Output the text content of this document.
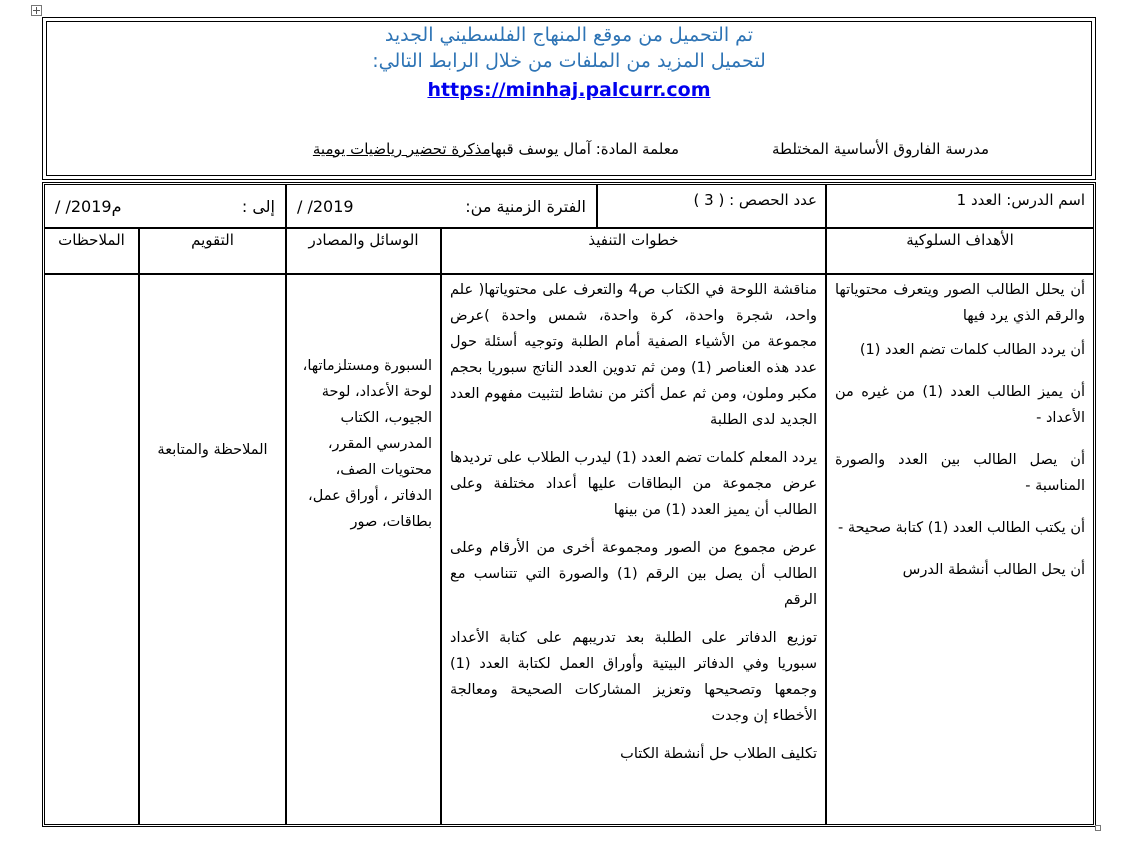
تم التحميل من موقع المنهاج الفلسطيني الجديد
لتحميل المزيد من الملفات من خلال الرابط التالي:
https://minhaj.palcurr.com
مدرسة الفاروق الأساسية المختلطة
معلمة المادة: آمال يوسف قبهامذكرة تحضير رياضيات يومية
اسم الدرس: العدد 1
عدد الحصص : ( 3 )
الفترة الزمنية من:
/ /2019
إلى :
/ /2019م
الأهداف السلوكية
خطوات التنفيذ
الوسائل والمصادر
التقويم
الملاحظات
أن يحلل الطالب الصور ويتعرف محتوياتها والرقم الذي يرد فيها
أن يردد الطالب كلمات تضم العدد (1)
أن يميز الطالب العدد (1) من غيره من الأعداد -
أن يصل الطالب بين العدد والصورة المناسبة -
أن يكتب الطالب العدد (1) كتابة صحيحة -
أن يحل الطالب أنشطة الدرس
مناقشة اللوحة في الكتاب ص4 والتعرف على محتوياتها( علم واحد، شجرة واحدة، كرة واحدة، شمس واحدة )عرض مجموعة من الأشياء الصفية أمام الطلبة وتوجيه أسئلة حول عدد هذه العناصر (1) ومن ثم تدوين العدد الناتج سبوريا بحجم مكبر وملون، ومن ثم عمل أكثر من نشاط لتثبيت مفهوم العدد الجديد لدى الطلبة
يردد المعلم كلمات تضم العدد (1) ليدرب الطلاب على ترديدها عرض مجموعة من البطاقات عليها أعداد مختلفة وعلى الطالب أن يميز العدد (1) من بينها
عرض مجموع من الصور ومجموعة أخرى من الأرقام وعلى الطالب أن يصل بين الرقم (1) والصورة التي تتناسب مع الرقم
توزيع الدفاتر على الطلبة بعد تدريبهم على كتابة الأعداد سبوريا وفي الدفاتر البيتية وأوراق العمل لكتابة العدد (1) وجمعها وتصحيحها وتعزيز المشاركات الصحيحة ومعالجة الأخطاء إن وجدت
تكليف الطلاب حل أنشطة الكتاب
السبورة ومستلزماتها، لوحة الأعداد، لوحة الجيوب، الكتاب المدرسي المقرر، محتويات الصف، الدفاتر ، أوراق عمل، بطاقات، صور
الملاحظة والمتابعة
